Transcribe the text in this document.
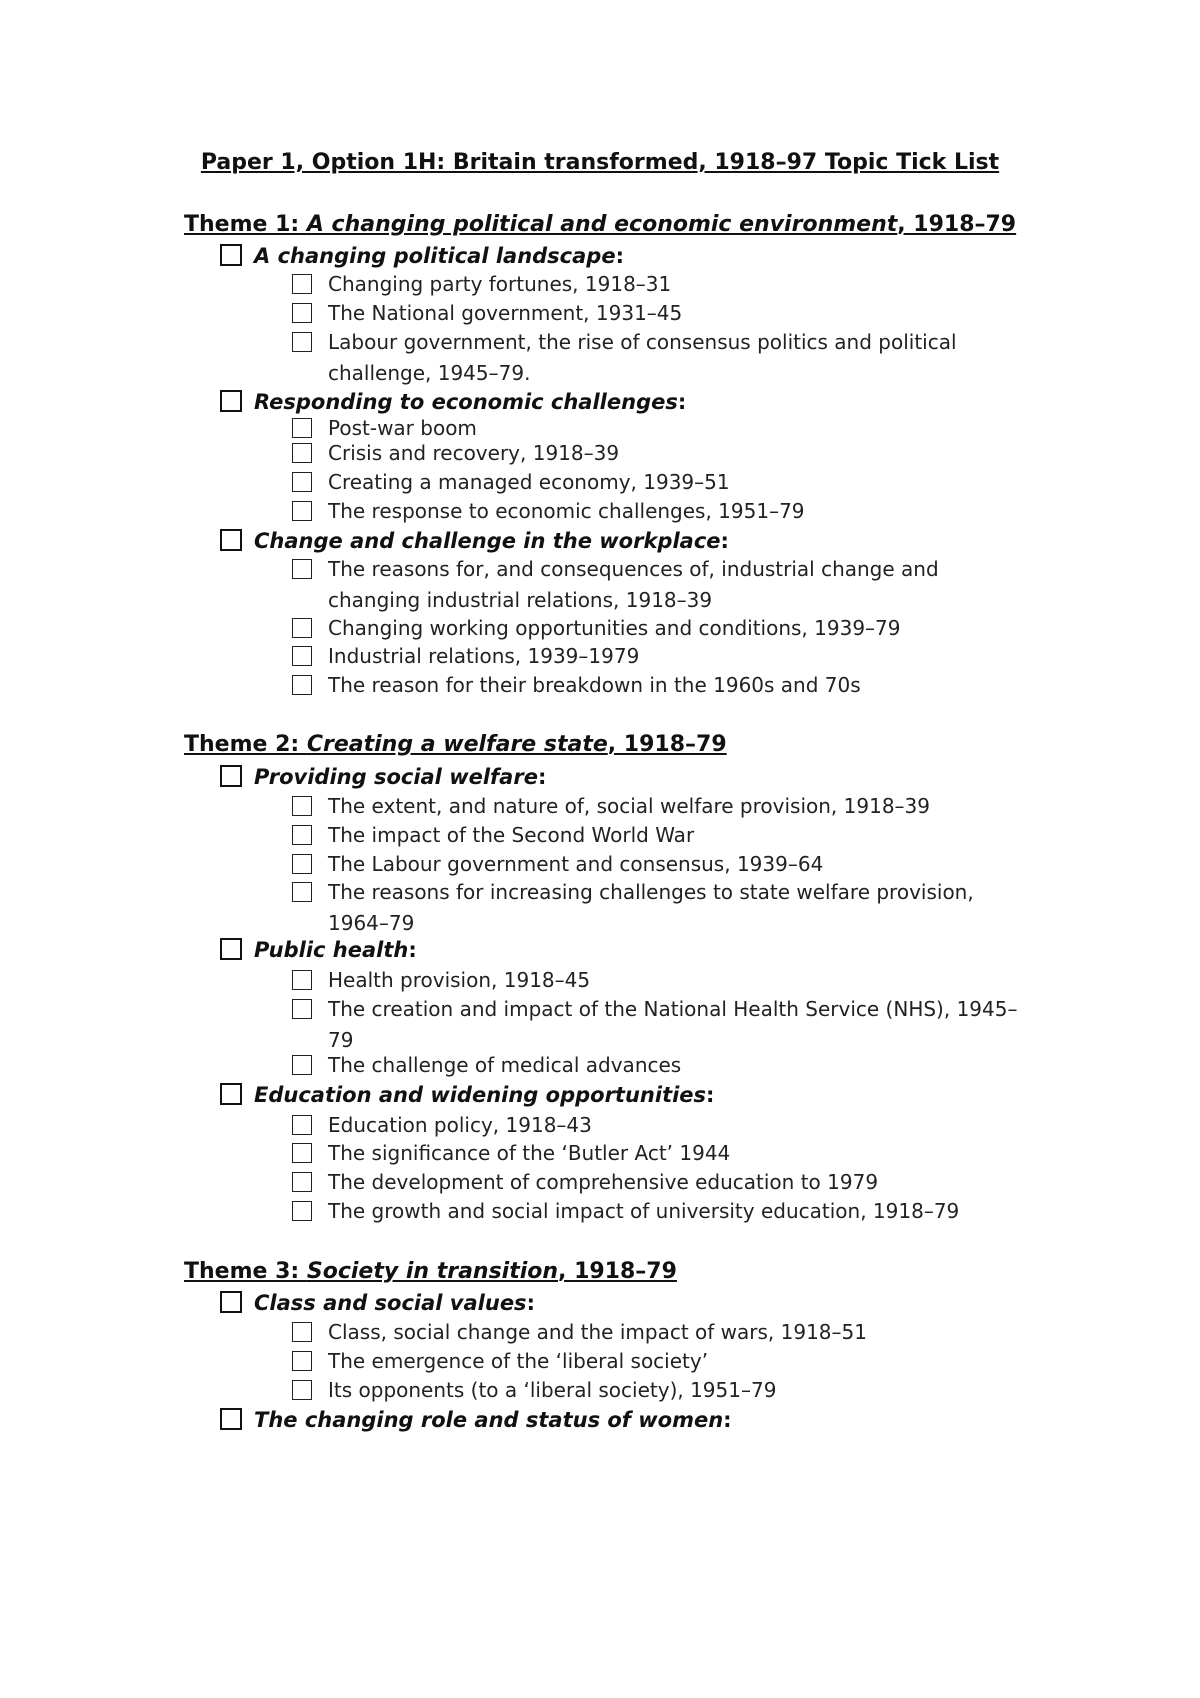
Paper 1, Option 1H: Britain transformed, 1918–97 Topic Tick List
Theme 1: A changing political and economic environment, 1918–79
A changing political landscape:
Changing party fortunes, 1918–31
The National government, 1931–45
Labour government, the rise of consensus politics and political challenge, 1945–79.
Responding to economic challenges:
Post-war boom
Crisis and recovery, 1918–39
Creating a managed economy, 1939–51
The response to economic challenges, 1951–79
Change and challenge in the workplace:
The reasons for, and consequences of, industrial change and changing industrial relations, 1918–39
Changing working opportunities and conditions, 1939–79
Industrial relations, 1939–1979
The reason for their breakdown in the 1960s and 70s
Theme 2: Creating a welfare state, 1918–79
Providing social welfare:
The extent, and nature of, social welfare provision, 1918–39
The impact of the Second World War
The Labour government and consensus, 1939–64
The reasons for increasing challenges to state welfare provision, 1964–79
Public health:
Health provision, 1918–45
The creation and impact of the National Health Service (NHS), 1945–79
The challenge of medical advances
Education and widening opportunities:
Education policy, 1918–43
The significance of the ‘Butler Act’ 1944
The development of comprehensive education to 1979
The growth and social impact of university education, 1918–79
Theme 3: Society in transition, 1918–79
Class and social values:
Class, social change and the impact of wars, 1918–51
The emergence of the ‘liberal society’
Its opponents (to a ‘liberal society), 1951–79
The changing role and status of women:
